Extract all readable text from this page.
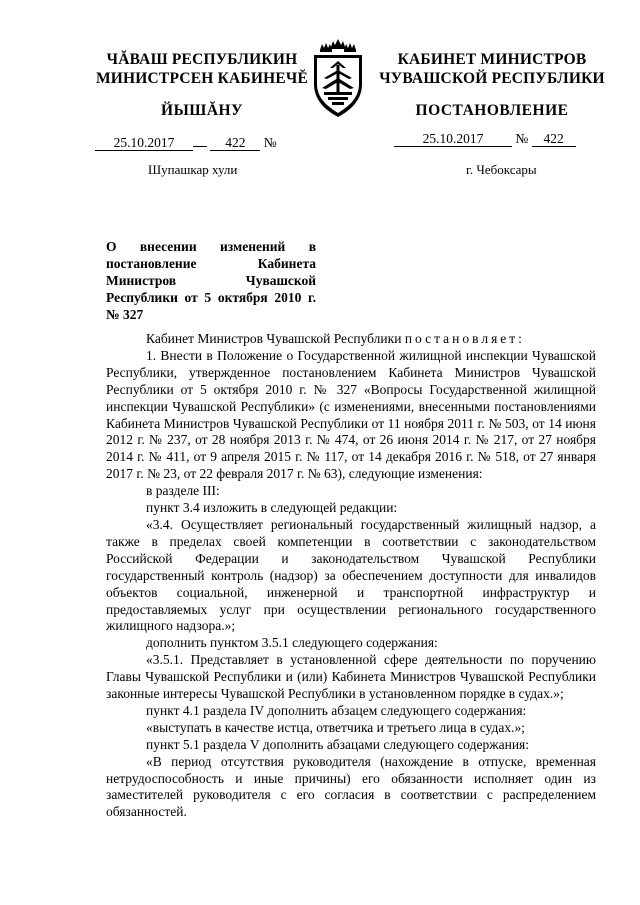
ЧĂВАШ РЕСПУБЛИКИН
МИНИСТРСЕН КАБИНЕЧĔ
КАБИНЕТ МИНИСТРОВ
ЧУВАШСКОЙ РЕСПУБЛИКИ
ЙЫШĂНУ	ПОСТАНОВЛЕНИЕ
25.10.2017	422 №	25.10.2017 № 422
Шупашкар хули	г. Чебоксары
О внесении изменений в постановление Кабинета Министров Чувашской Республики от 5 октября 2010 г. № 327

Кабинет Министров Чувашской Республики постановляет:

1. Внести в Положение о Государственной жилищной инспекции Чувашской Республики, утвержденное постановлением Кабинета Министров Чувашской Республики от 5 октября 2010 г. № 327 «Вопросы Государственной жилищной инспекции Чувашской Республики» (с изменениями, внесенными постановлениями Кабинета Министров Чувашской Республики от 11 ноября 2011 г. № 503, от 14 июня 2012 г. № 237, от 28 ноября 2013 г. № 474, от 26 июня 2014 г. № 217, от 27 ноября 2014 г. № 411, от 9 апреля 2015 г. № 117, от 14 декабря 2016 г. № 518, от 27 января 2017 г. № 23, от 22 февраля 2017 г. № 63), следующие изменения:

в разделе III:

пункт 3.4 изложить в следующей редакции:

«3.4. Осуществляет региональный государственный жилищный надзор, а также в пределах своей компетенции в соответствии с законодательством Российской Федерации и законодательством Чувашской Республики государственный контроль (надзор) за обеспечением доступности для инвалидов объектов социальной, инженерной и транспортной инфраструктур и предоставляемых услуг при осуществлении регионального государственного жилищного надзора.»;

дополнить пунктом 3.5.1 следующего содержания:

«3.5.1. Представляет в установленной сфере деятельности по поручению Главы Чувашской Республики и (или) Кабинета Министров Чувашской Республики законные интересы Чувашской Республики в установленном порядке в судах.»;

пункт 4.1 раздела IV дополнить абзацем следующего содержания:

«выступать в качестве истца, ответчика и третьего лица в судах.»;

пункт 5.1 раздела V дополнить абзацами следующего содержания:

«В период отсутствия руководителя (нахождение в отпуске, временная нетрудоспособность и иные причины) его обязанности исполняет один из заместителей руководителя с его согласия в соответствии с распределением обязанностей.
